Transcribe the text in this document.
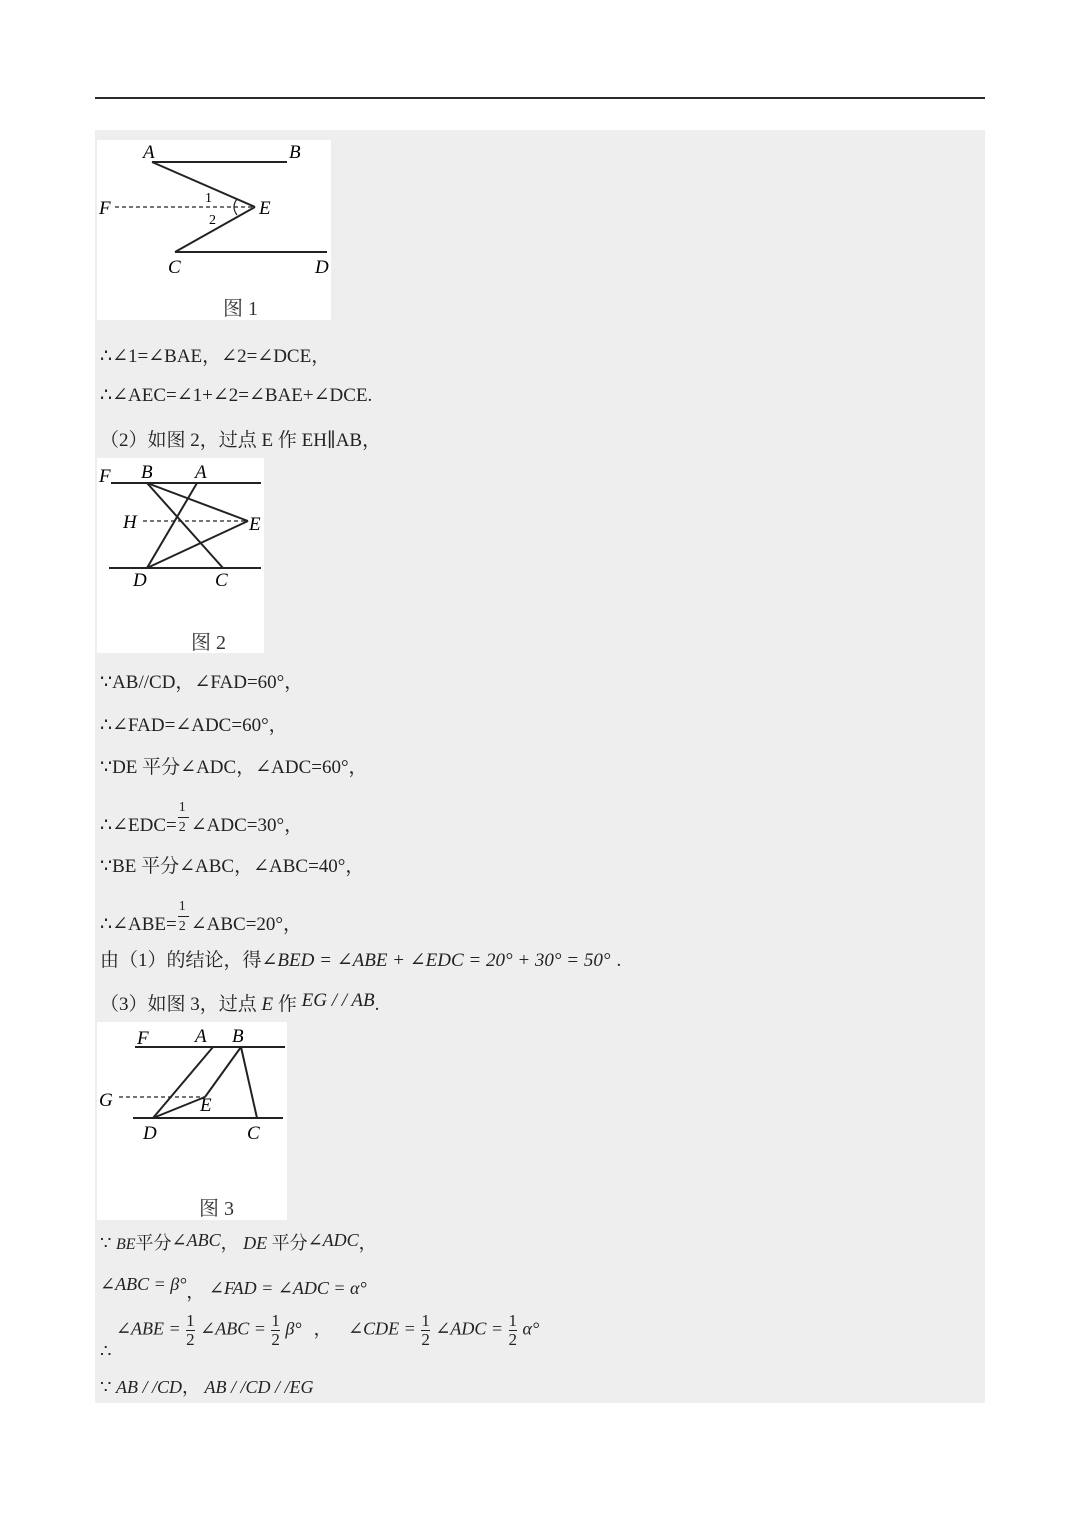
A	B
F	E
1
2
C	D
图 1
∴∠1=∠BAE，∠2=∠DCE，
∴∠AEC=∠1+∠2=∠BAE+∠DCE.
（2）如图 2，过点 E 作 EH∥AB，
F B A
H	E
D	C
图 2
∵AB//CD，∠FAD=60°，
∴∠FAD=∠ADC=60°，
∵DE 平分∠ADC，∠ADC=60°，
∴∠EDC= $\frac{1}{2}$ ∠ADC=30°，
∵BE 平分∠ABC，∠ABC=40°，
∴∠ABE= $\frac{1}{2}$ ∠ABC=20°，
由（1）的结论，得∠BED = ∠ABE + ∠EDC = 20° + 30° = 50° .
（3）如图 3，过点 E 作 EG / / AB.
F A B
G	E
D	C
图 3
∵ BE平分∠ABC， DE 平分∠ADC，
∠ABC = β°， ∠FAD = ∠ADC = α°
∴ ∠ABE = $\frac{1}{2}$ ∠ABC = $\frac{1}{2} \beta^\circ$ ， ∠CDE = $\frac{1}{2}$ ∠ADC = $\frac{1}{2} \alpha^\circ$
∵ AB / /CD， AB / /CD / /EG
